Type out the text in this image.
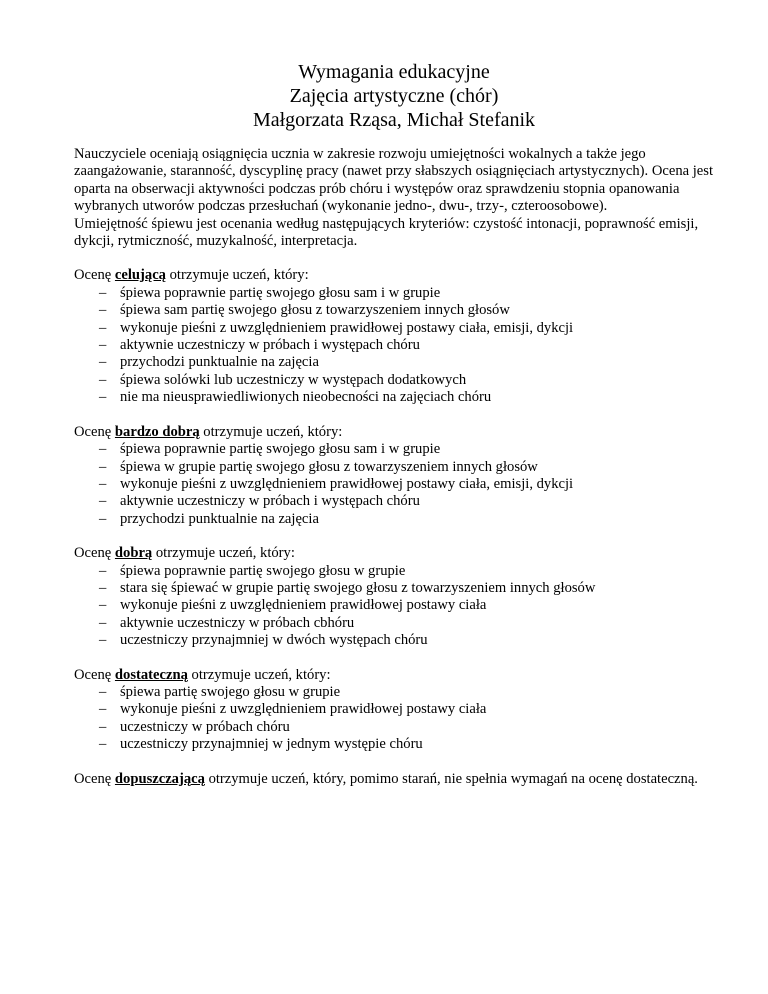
Wymagania edukacyjne
Zajęcia artystyczne (chór)
Małgorzata Rząsa, Michał Stefanik

Nauczyciele oceniają osiągnięcia ucznia w zakresie rozwoju umiejętności wokalnych a także jego zaangażowanie, staranność, dyscyplinę pracy (nawet przy słabszych osiągnięciach artystycznych). Ocena jest oparta na obserwacji aktywności podczas prób chóru i występów oraz sprawdzeniu stopnia opanowania wybranych utworów podczas przesłuchań (wykonanie jedno-, dwu-, trzy-, czteroosobowe).

Umiejętność śpiewu jest ocenania według następujących kryteriów: czystość intonacji, poprawność emisji, dykcji, rytmiczność, muzykalność, interpretacja.

Ocenę celującą otrzymuje uczeń, który:

– śpiewa poprawnie partię swojego głosu sam i w grupie
– śpiewa sam partię swojego głosu z towarzyszeniem innych głosów
– wykonuje pieśni z uwzględnieniem prawidłowej postawy ciała, emisji, dykcji
– aktywnie uczestniczy w próbach i występach chóru
– przychodzi punktualnie na zajęcia
– śpiewa solówki lub uczestniczy w występach dodatkowych
– nie ma nieusprawiedliwionych nieobecności na zajęciach chóru

Ocenę bardzo dobrą otrzymuje uczeń, który:

– śpiewa poprawnie partię swojego głosu sam i w grupie
– śpiewa w grupie partię swojego głosu z towarzyszeniem innych głosów
– wykonuje pieśni z uwzględnieniem prawidłowej postawy ciała, emisji, dykcji
– aktywnie uczestniczy w próbach i występach chóru
– przychodzi punktualnie na zajęcia

Ocenę dobrą otrzymuje uczeń, który:

– śpiewa poprawnie partię swojego głosu w grupie
– stara się śpiewać w grupie partię swojego głosu z towarzyszeniem innych głosów
– wykonuje pieśni z uwzględnieniem prawidłowej postawy ciała
– aktywnie uczestniczy w próbach cbhóru
– uczestniczy przynajmniej w dwóch występach chóru

Ocenę dostateczną otrzymuje uczeń, który:

– śpiewa partię swojego głosu w grupie
– wykonuje pieśni z uwzględnieniem prawidłowej postawy ciała
– uczestniczy w próbach chóru
– uczestniczy przynajmniej w jednym występie chóru

Ocenę dopuszczającą otrzymuje uczeń, który, pomimo starań, nie spełnia wymagań na ocenę dostateczną.
